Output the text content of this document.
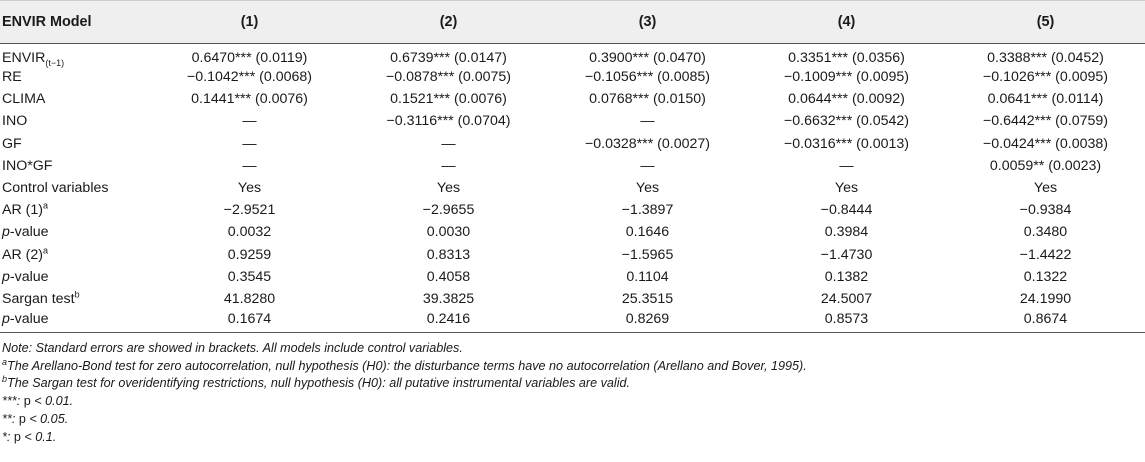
ENVIR Model	(1)	(2)	(3)	(4)	(5)
$ENVIR_{(t-1)}$	0.6470*** (0.0119)	0.6739*** (0.0147)	0.3900*** (0.0470)	0.3351*** (0.0356)	0.3388*** (0.0452)
RE	−0.1042*** (0.0068)	−0.0878*** (0.0075)	−0.1056*** (0.0085)	−0.1009*** (0.0095)	−0.1026*** (0.0095)
CLIMA	0.1441*** (0.0076)	0.1521*** (0.0076)	0.0768*** (0.0150)	0.0644*** (0.0092)	0.0641*** (0.0114)
INO	—	−0.3116*** (0.0704)	—	−0.6632*** (0.0542)	−0.6442*** (0.0759)
GF	—	—	−0.0328*** (0.0027)	−0.0316*** (0.0013)	−0.0424*** (0.0038)
INO*GF	—	—	—	—	0.0059** (0.0023)
Control variables	Yes	Yes	Yes	Yes	Yes
AR $(1)^a$	−2.9521	−2.9655	−1.3897	−0.8444	−0.9384
p-value	0.0032	0.0030	0.1646	0.3984	0.3480
AR $(2)^a$	0.9259	0.8313	−1.5965	−1.4730	−1.4422
p-value	0.3545	0.4058	0.1104	0.1382	0.1322
Sargan test$^b$	41.8280	39.3825	25.3515	24.5007	24.1990
p-value	0.1674	0.2416	0.8269	0.8573	0.8674
Note: Standard errors are showed in brackets. All models include control variables.
$^a$The Arellano-Bond test for zero autocorrelation, null hypothesis (H0): the disturbance terms have no autocorrelation (Arellano and Bover, 1995).
$^b$The Sargan test for overidentifying restrictions, null hypothesis (H0): all putative instrumental variables are valid.
***: p < 0.01.
**: p < 0.05.
*: p < 0.1.
